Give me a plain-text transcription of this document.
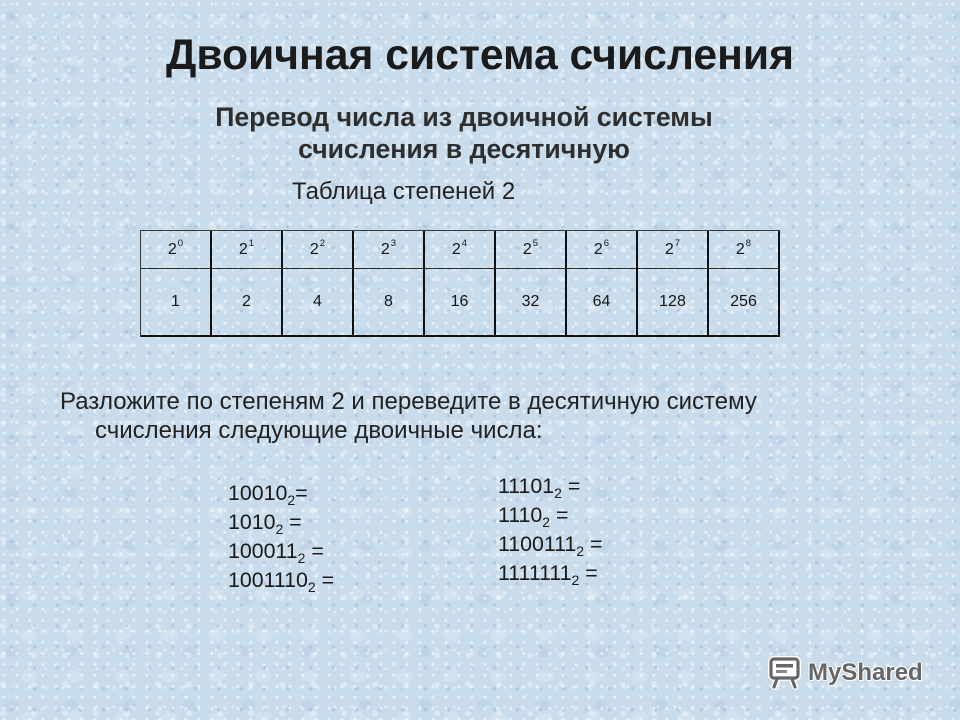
Двоичная система счисления
Перевод числа из двоичной системы
счисления в десятичную
Таблица степеней 2
2 0	2 1	2 2	2 3	2 4	2 5	2 6	2 7	2 8
1	2	4	8	16	32	64	128	256
Разложите по степеням 2 и переведите в десятичную систему
счисления следующие двоичные числа:
$10010_2=$
$1010_2$ =
$100011_2$ =
$1001110_2$ =
$11101_2$ =
$1110_2$ =
$1100111_2$ =
$1111111_2$ =
MyShared
